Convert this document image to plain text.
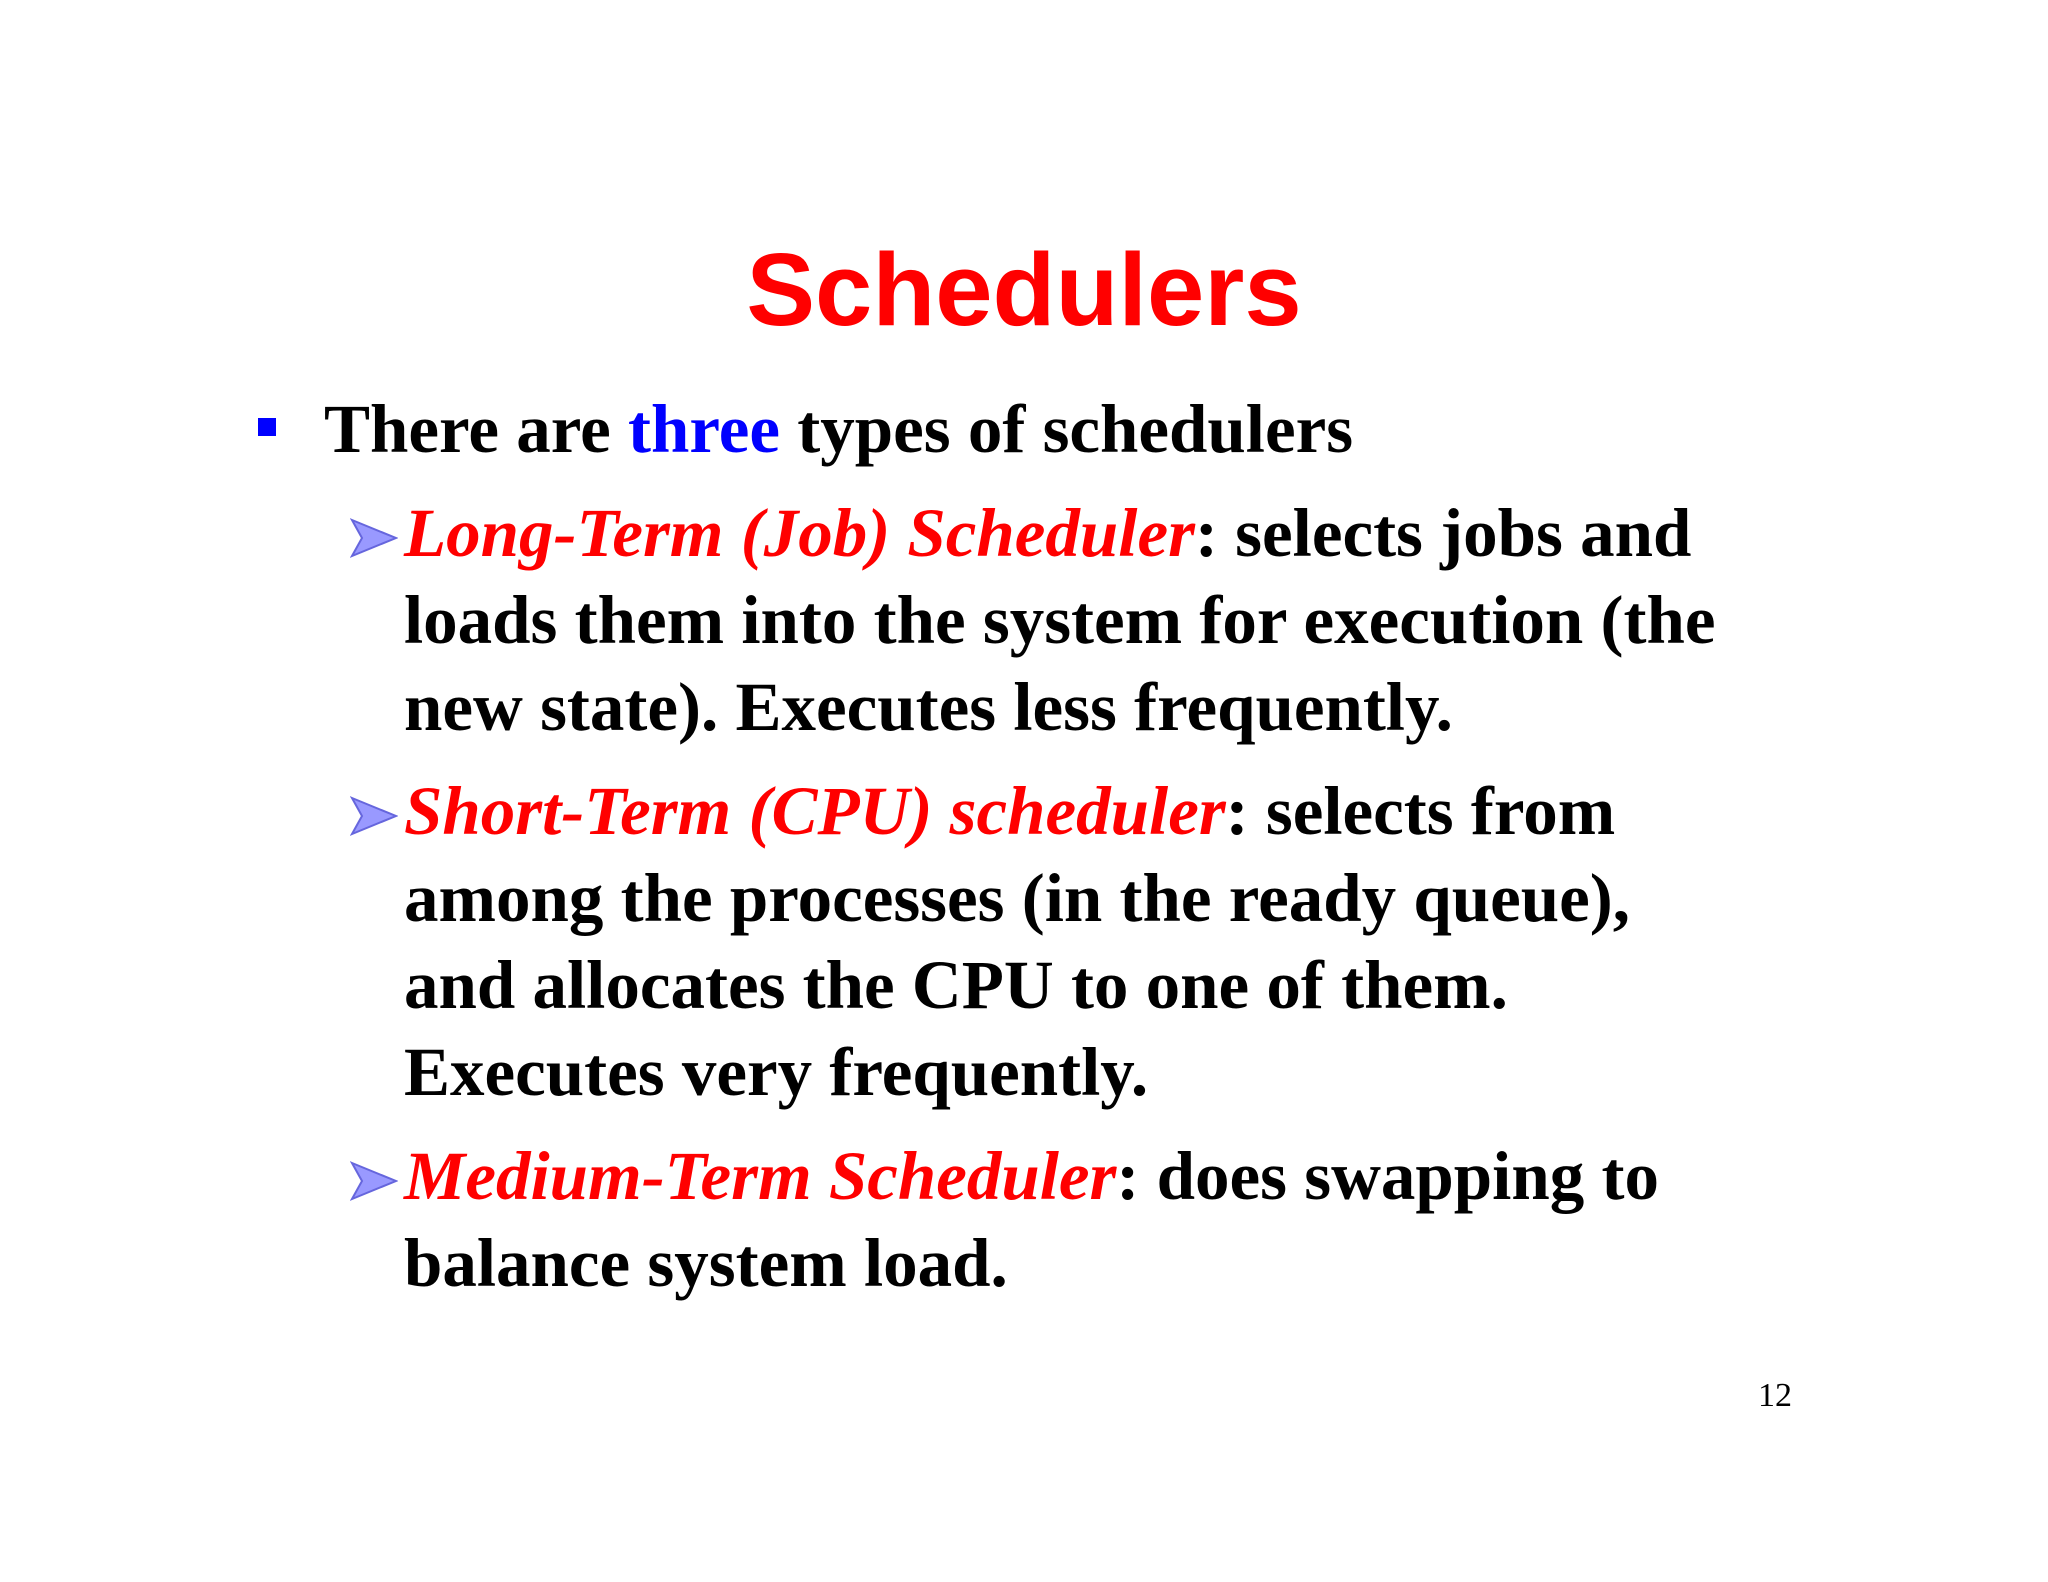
Schedulers
There are three types of schedulers
Long-Term (Job) Scheduler: selects jobs and
loads them into the system for execution (the
new state). Executes less frequently.
Short-Term (CPU) scheduler: selects from
among the processes (in the ready queue),
and allocates the CPU to one of them.
Executes very frequently.
Medium-Term Scheduler: does swapping to
balance system load.
12
